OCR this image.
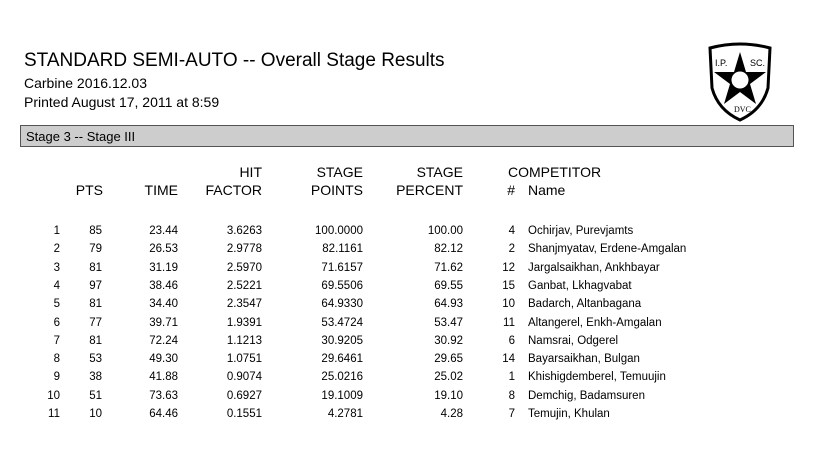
STANDARD SEMI-AUTO -- Overall Stage Results
Carbine 2016.12.03
Printed August 17, 2011 at 8:59
I.P.	SC.
DVC
Stage 3 -- Stage III
PTS	TIME
HIT
FACTOR
STAGE
POINTS
STAGE
PERCENT	#
COMPETITOR
Name
1	85	23.44	3.6263	100.0000	100.00	4 Ochirjav, Purevjamts
2	79	26.53	2.9778	82.1161	82.12	2 Shanjmyatav, Erdene-Amgalan
3	81	31.19	2.5970	71.6157	71.62	12 Jargalsaikhan, Ankhbayar
4	97	38.46	2.5221	69.5506	69.55	15 Ganbat, Lkhagvabat
5	81	34.40	2.3547	64.9330	64.93	10 Badarch, Altanbagana
6	77	39.71	1.9391	53.4724	53.47	11 Altangerel, Enkh-Amgalan
7	81	72.24	1.1213	30.9205	30.92	6 Namsrai, Odgerel
8	53	49.30	1.0751	29.6461	29.65	14 Bayarsaikhan, Bulgan
9	38	41.88	0.9074	25.0216	25.02	1 Khishigdemberel, Temuujin
10	51	73.63	0.6927	19.1009	19.10	8 Demchig, Badamsuren
11	10	64.46	0.1551	4.2781	4.28	7 Temujin, Khulan
